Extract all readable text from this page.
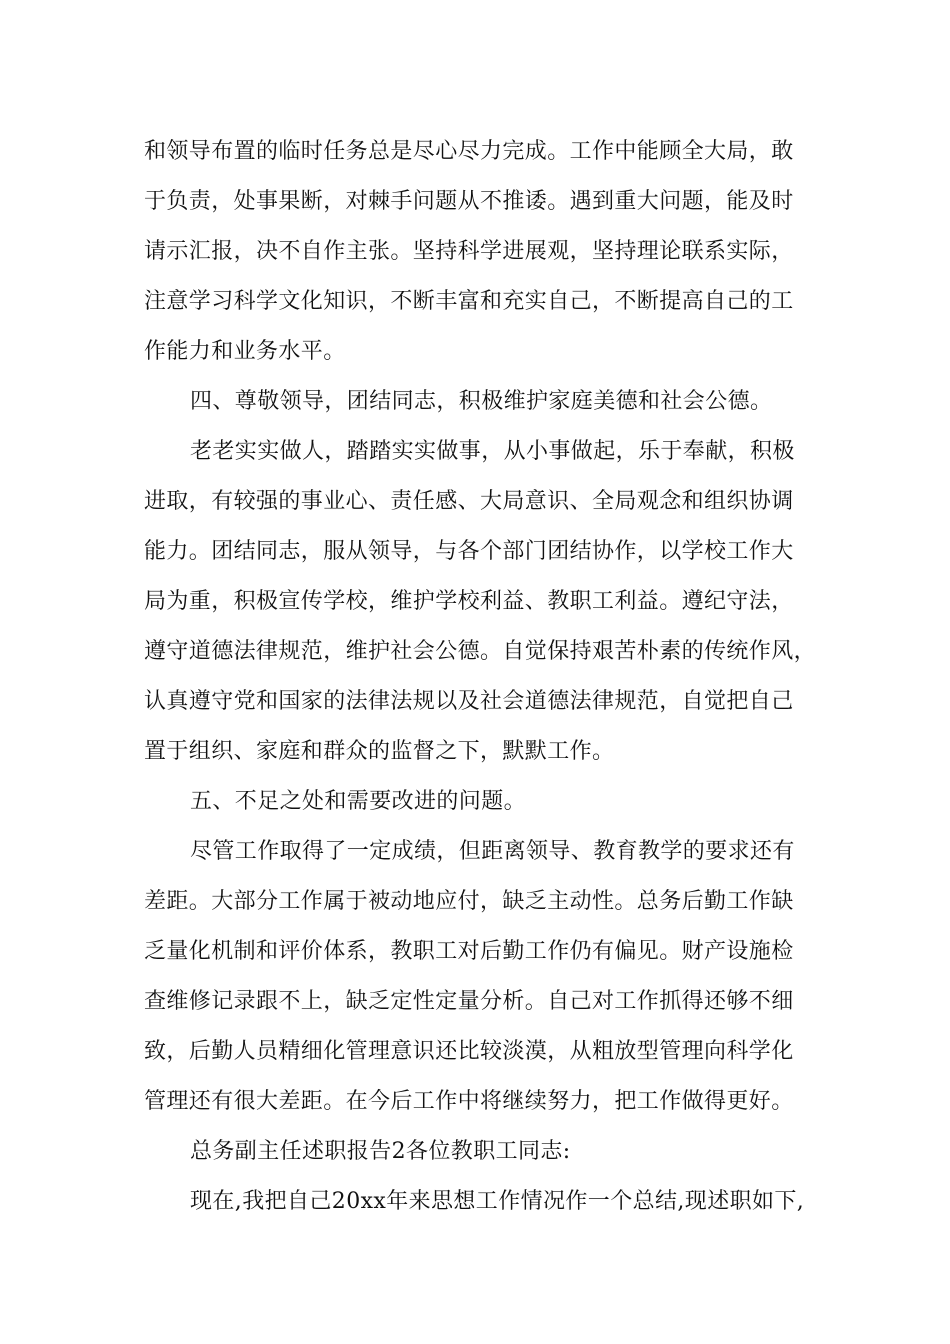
和领导布置的临时任务总是尽心尽力完成。工作中能顾全大局，敢
于负责，处事果断，对棘手问题从不推诿。遇到重大问题，能及时
请示汇报，决不自作主张。坚持科学进展观，坚持理论联系实际，
注意学习科学文化知识，不断丰富和充实自己，不断提高自己的工
作能力和业务水平。
四、尊敬领导，团结同志，积极维护家庭美德和社会公德。
老老实实做人，踏踏实实做事，从小事做起，乐于奉献，积极
进取，有较强的事业心、责任感、大局意识、全局观念和组织协调
能力。团结同志，服从领导，与各个部门团结协作，以学校工作大
局为重，积极宣传学校，维护学校利益、教职工利益。遵纪守法，
遵守道德法律规范，维护社会公德。自觉保持艰苦朴素的传统作风，
认真遵守党和国家的法律法规以及社会道德法律规范，自觉把自己
置于组织、家庭和群众的监督之下，默默工作。
五、不足之处和需要改进的问题。
尽管工作取得了一定成绩，但距离领导、教育教学的要求还有
差距。大部分工作属于被动地应付，缺乏主动性。总务后勤工作缺
乏量化机制和评价体系，教职工对后勤工作仍有偏见。财产设施检
查维修记录跟不上，缺乏定性定量分析。自己对工作抓得还够不细
致，后勤人员精细化管理意识还比较淡漠，从粗放型管理向科学化
管理还有很大差距。在今后工作中将继续努力，把工作做得更好。
总务副主任述职报告2各位教职工同志:
现在,我把自己20xx年来思想工作情况作一个总结,现述职如下,
